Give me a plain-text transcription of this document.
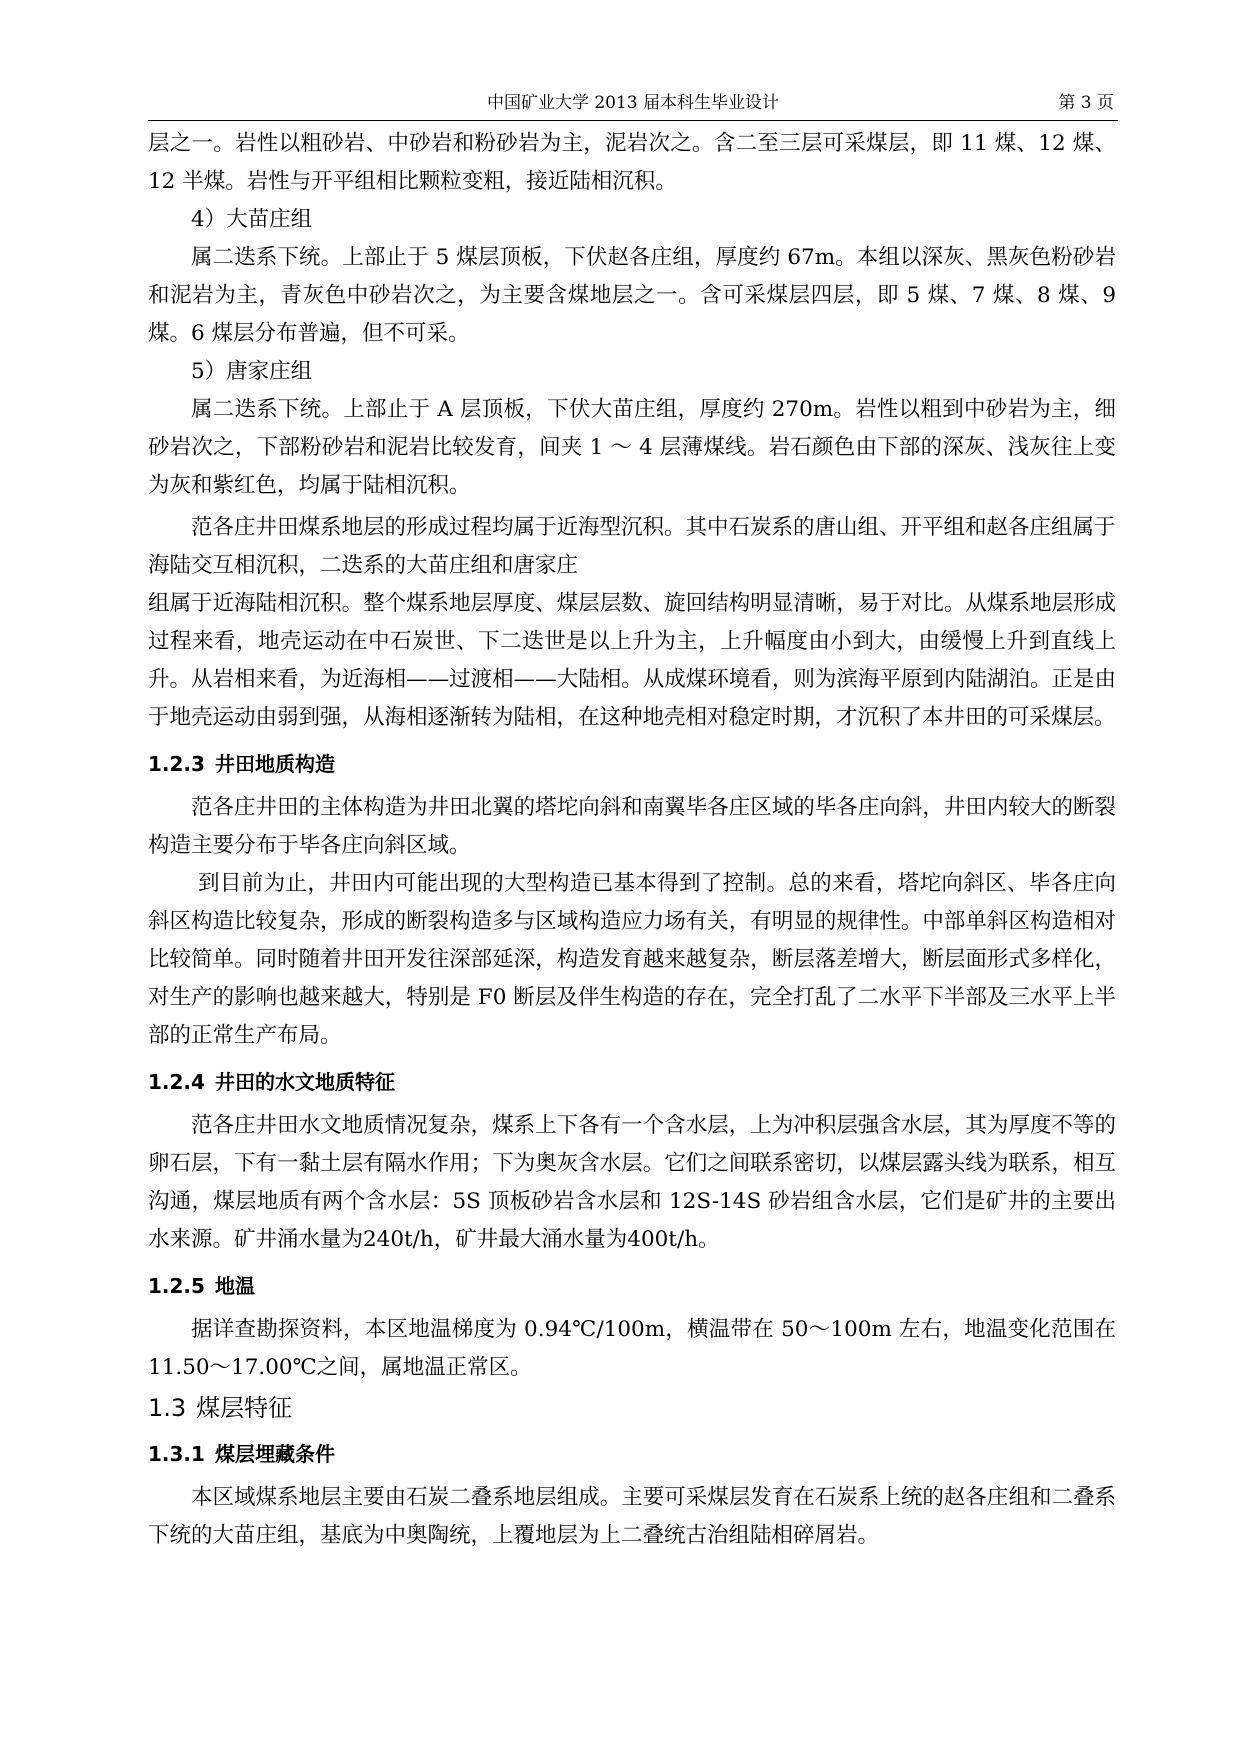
中国矿业大学 2013 届本科生毕业设计	第 3 页

层之一。岩性以粗砂岩、中砂岩和粉砂岩为主，泥岩次之。含二至三层可采煤层，即 11 煤、12 煤、12 半煤。岩性与开平组相比颗粒变粗，接近陆相沉积。

4）大苗庄组

属二迭系下统。上部止于 5 煤层顶板，下伏赵各庄组，厚度约 67m。本组以深灰、黑灰色粉砂岩和泥岩为主，青灰色中砂岩次之，为主要含煤地层之一。含可采煤层四层，即 5 煤、7 煤、8 煤、9 煤。6 煤层分布普遍，但不可采。

5）唐家庄组

属二迭系下统。上部止于 A 层顶板，下伏大苗庄组，厚度约 270m。岩性以粗到中砂岩为主，细砂岩次之，下部粉砂岩和泥岩比较发育，间夹 1 ～ 4 层薄煤线。岩石颜色由下部的深灰、浅灰往上变为灰和紫红色，均属于陆相沉积。

范各庄井田煤系地层的形成过程均属于近海型沉积。其中石炭系的唐山组、开平组和赵各庄组属于海陆交互相沉积，二迭系的大苗庄组和唐家庄

组属于近海陆相沉积。整个煤系地层厚度、煤层层数、旋回结构明显清晰，易于对比。从煤系地层形成过程来看，地壳运动在中石炭世、下二迭世是以上升为主，上升幅度由小到大，由缓慢上升到直线上升。从岩相来看，为近海相——过渡相——大陆相。从成煤环境看，则为滨海平原到内陆湖泊。正是由于地壳运动由弱到强，从海相逐渐转为陆相，在这种地壳相对稳定时期，才沉积了本井田的可采煤层。

1.2.3 井田地质构造

范各庄井田的主体构造为井田北翼的塔坨向斜和南翼毕各庄区域的毕各庄向斜，井田内较大的断裂构造主要分布于毕各庄向斜区域。

到目前为止，井田内可能出现的大型构造已基本得到了控制。总的来看，塔坨向斜区、毕各庄向斜区构造比较复杂，形成的断裂构造多与区域构造应力场有关，有明显的规律性。中部单斜区构造相对比较简单。同时随着井田开发往深部延深，构造发育越来越复杂，断层落差增大，断层面形式多样化，对生产的影响也越来越大，特别是 F0 断层及伴生构造的存在，完全打乱了二水平下半部及三水平上半部的正常生产布局。

1.2.4 井田的水文地质特征

范各庄井田水文地质情况复杂，煤系上下各有一个含水层，上为冲积层强含水层，其为厚度不等的卵石层，下有一黏土层有隔水作用；下为奥灰含水层。它们之间联系密切，以煤层露头线为联系，相互沟通，煤层地质有两个含水层：5S 顶板砂岩含水层和 12S-14S 砂岩组含水层，它们是矿井的主要出水来源。矿井涌水量为240t/h，矿井最大涌水量为400t/h。

1.2.5 地温

据详查勘探资料，本区地温梯度为 0.94℃/100m，横温带在 50～100m 左右，地温变化范围在 11.50～17.00℃之间，属地温正常区。

1.3 煤层特征

1.3.1 煤层埋藏条件

本区域煤系地层主要由石炭二叠系地层组成。主要可采煤层发育在石炭系上统的赵各庄组和二叠系下统的大苗庄组，基底为中奥陶统，上覆地层为上二叠统古治组陆相碎屑岩。
